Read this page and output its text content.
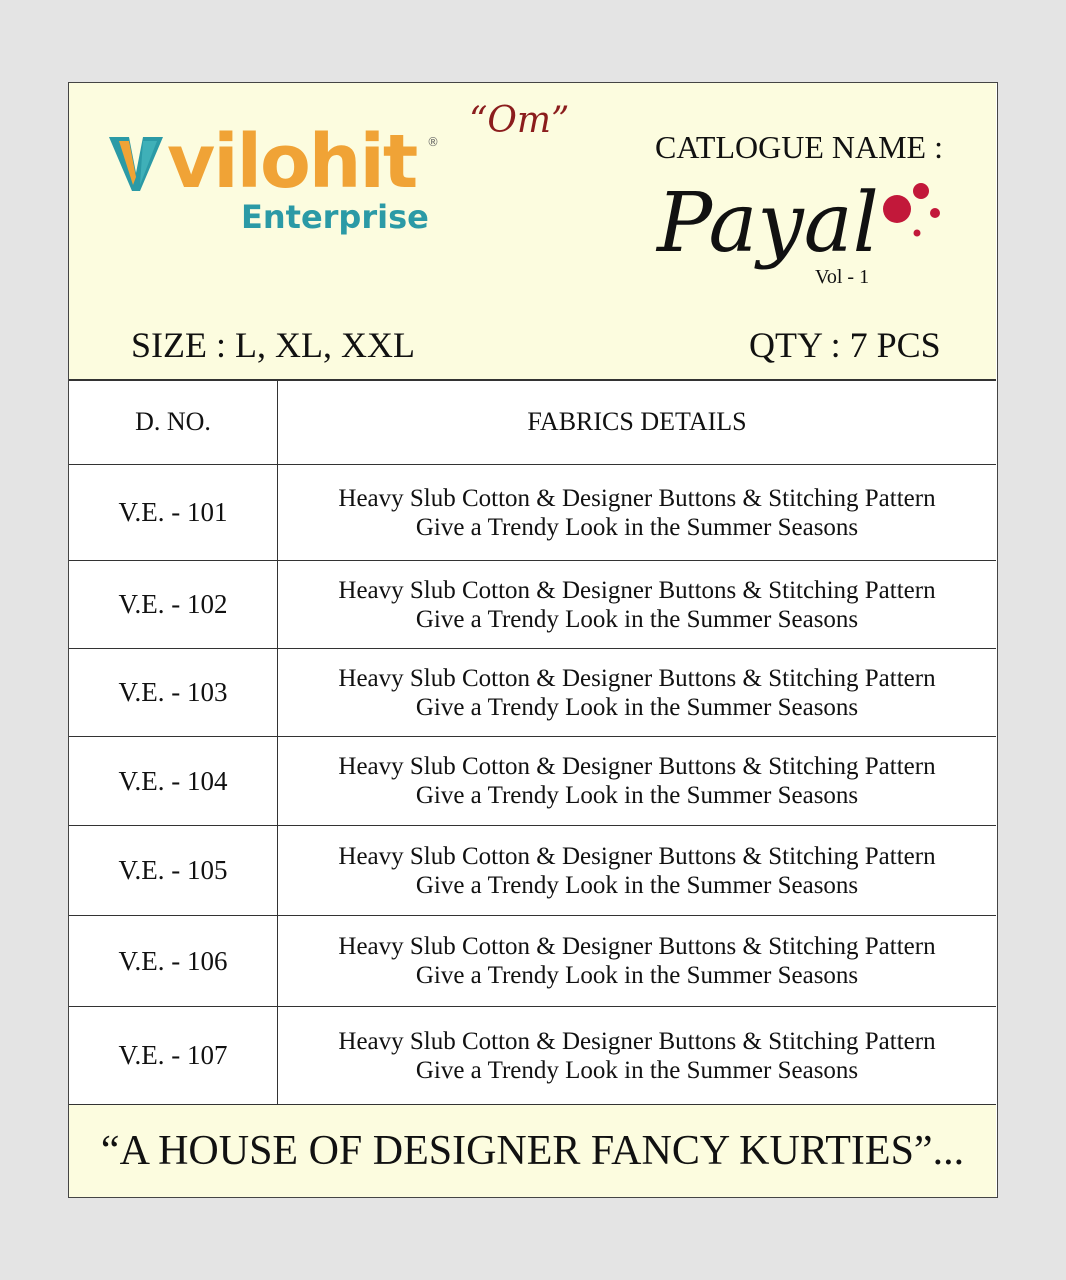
vilohit ®
Enterprise
“Om”
CATLOGUE NAME :
Payal
Vol - 1
SIZE : L, XL, XXL	QTY : 7 PCS
D. NO.	FABRICS DETAILS
V.E. - 101	Heavy Slub Cotton & Designer Buttons & Stitching Pattern
Give a Trendy Look in the Summer Seasons

V.E. - 102	Heavy Slub Cotton & Designer Buttons & Stitching Pattern
Give a Trendy Look in the Summer Seasons

V.E. - 103	Heavy Slub Cotton & Designer Buttons & Stitching Pattern
Give a Trendy Look in the Summer Seasons

V.E. - 104	Heavy Slub Cotton & Designer Buttons & Stitching Pattern
Give a Trendy Look in the Summer Seasons

V.E. - 105	Heavy Slub Cotton & Designer Buttons & Stitching Pattern
Give a Trendy Look in the Summer Seasons

V.E. - 106	Heavy Slub Cotton & Designer Buttons & Stitching Pattern
Give a Trendy Look in the Summer Seasons

V.E. - 107	Heavy Slub Cotton & Designer Buttons & Stitching Pattern
Give a Trendy Look in the Summer Seasons
“A HOUSE OF DESIGNER FANCY KURTIES”...
